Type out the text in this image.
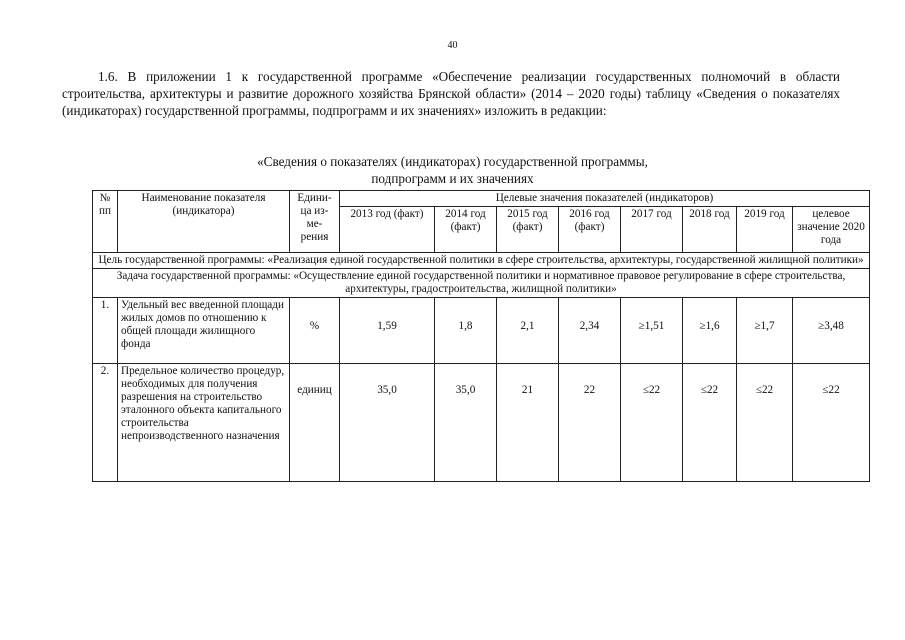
40

1.6. В приложении 1 к государственной программе «Обеспечение реализации государственных полномочий в области строительства, архитектуры и развитие дорожного хозяйства Брянской области» (2014 – 2020 годы) таблицу «Сведения о показателях (индикаторах) государственной программы, подпрограмм и их значениях» изложить в редакции:

«Сведения о показателях (индикаторах) государственной программы,
подпрограмм и их значениях
№ пп	Наименование показателя (индикатора)	Едини-ца из-ме-рения	Целевые значения показателей (индикаторов)							
			2013 год (факт)	2014 год (факт)	2015 год (факт)	2016 год (факт)	2017 год	2018 год	2019 год	целевое значение 2020 года
Цель государственной программы: «Реализация единой государственной политики в сфере строительства, архитектуры, государственной жилищной политики»										
Задача государственной программы: «Осуществление единой государственной политики и нормативное правовое регулирование в сфере строительства, архитектуры, градостроительства, жилищной политики»										
1.	Удельный вес введенной площади жилых домов по отношению к общей площади жилищного фонда	%	1,59	1,8	2,1	2,34	≥1,51	≥1,6	≥1,7	≥3,48
2.	Предельное количество процедур, необходимых для получения разрешения на строительство эталонного объекта капитального строительства непроизводственного назначения	единиц	35,0	35,0	21	22	≤22	≤22	≤22	≤22
